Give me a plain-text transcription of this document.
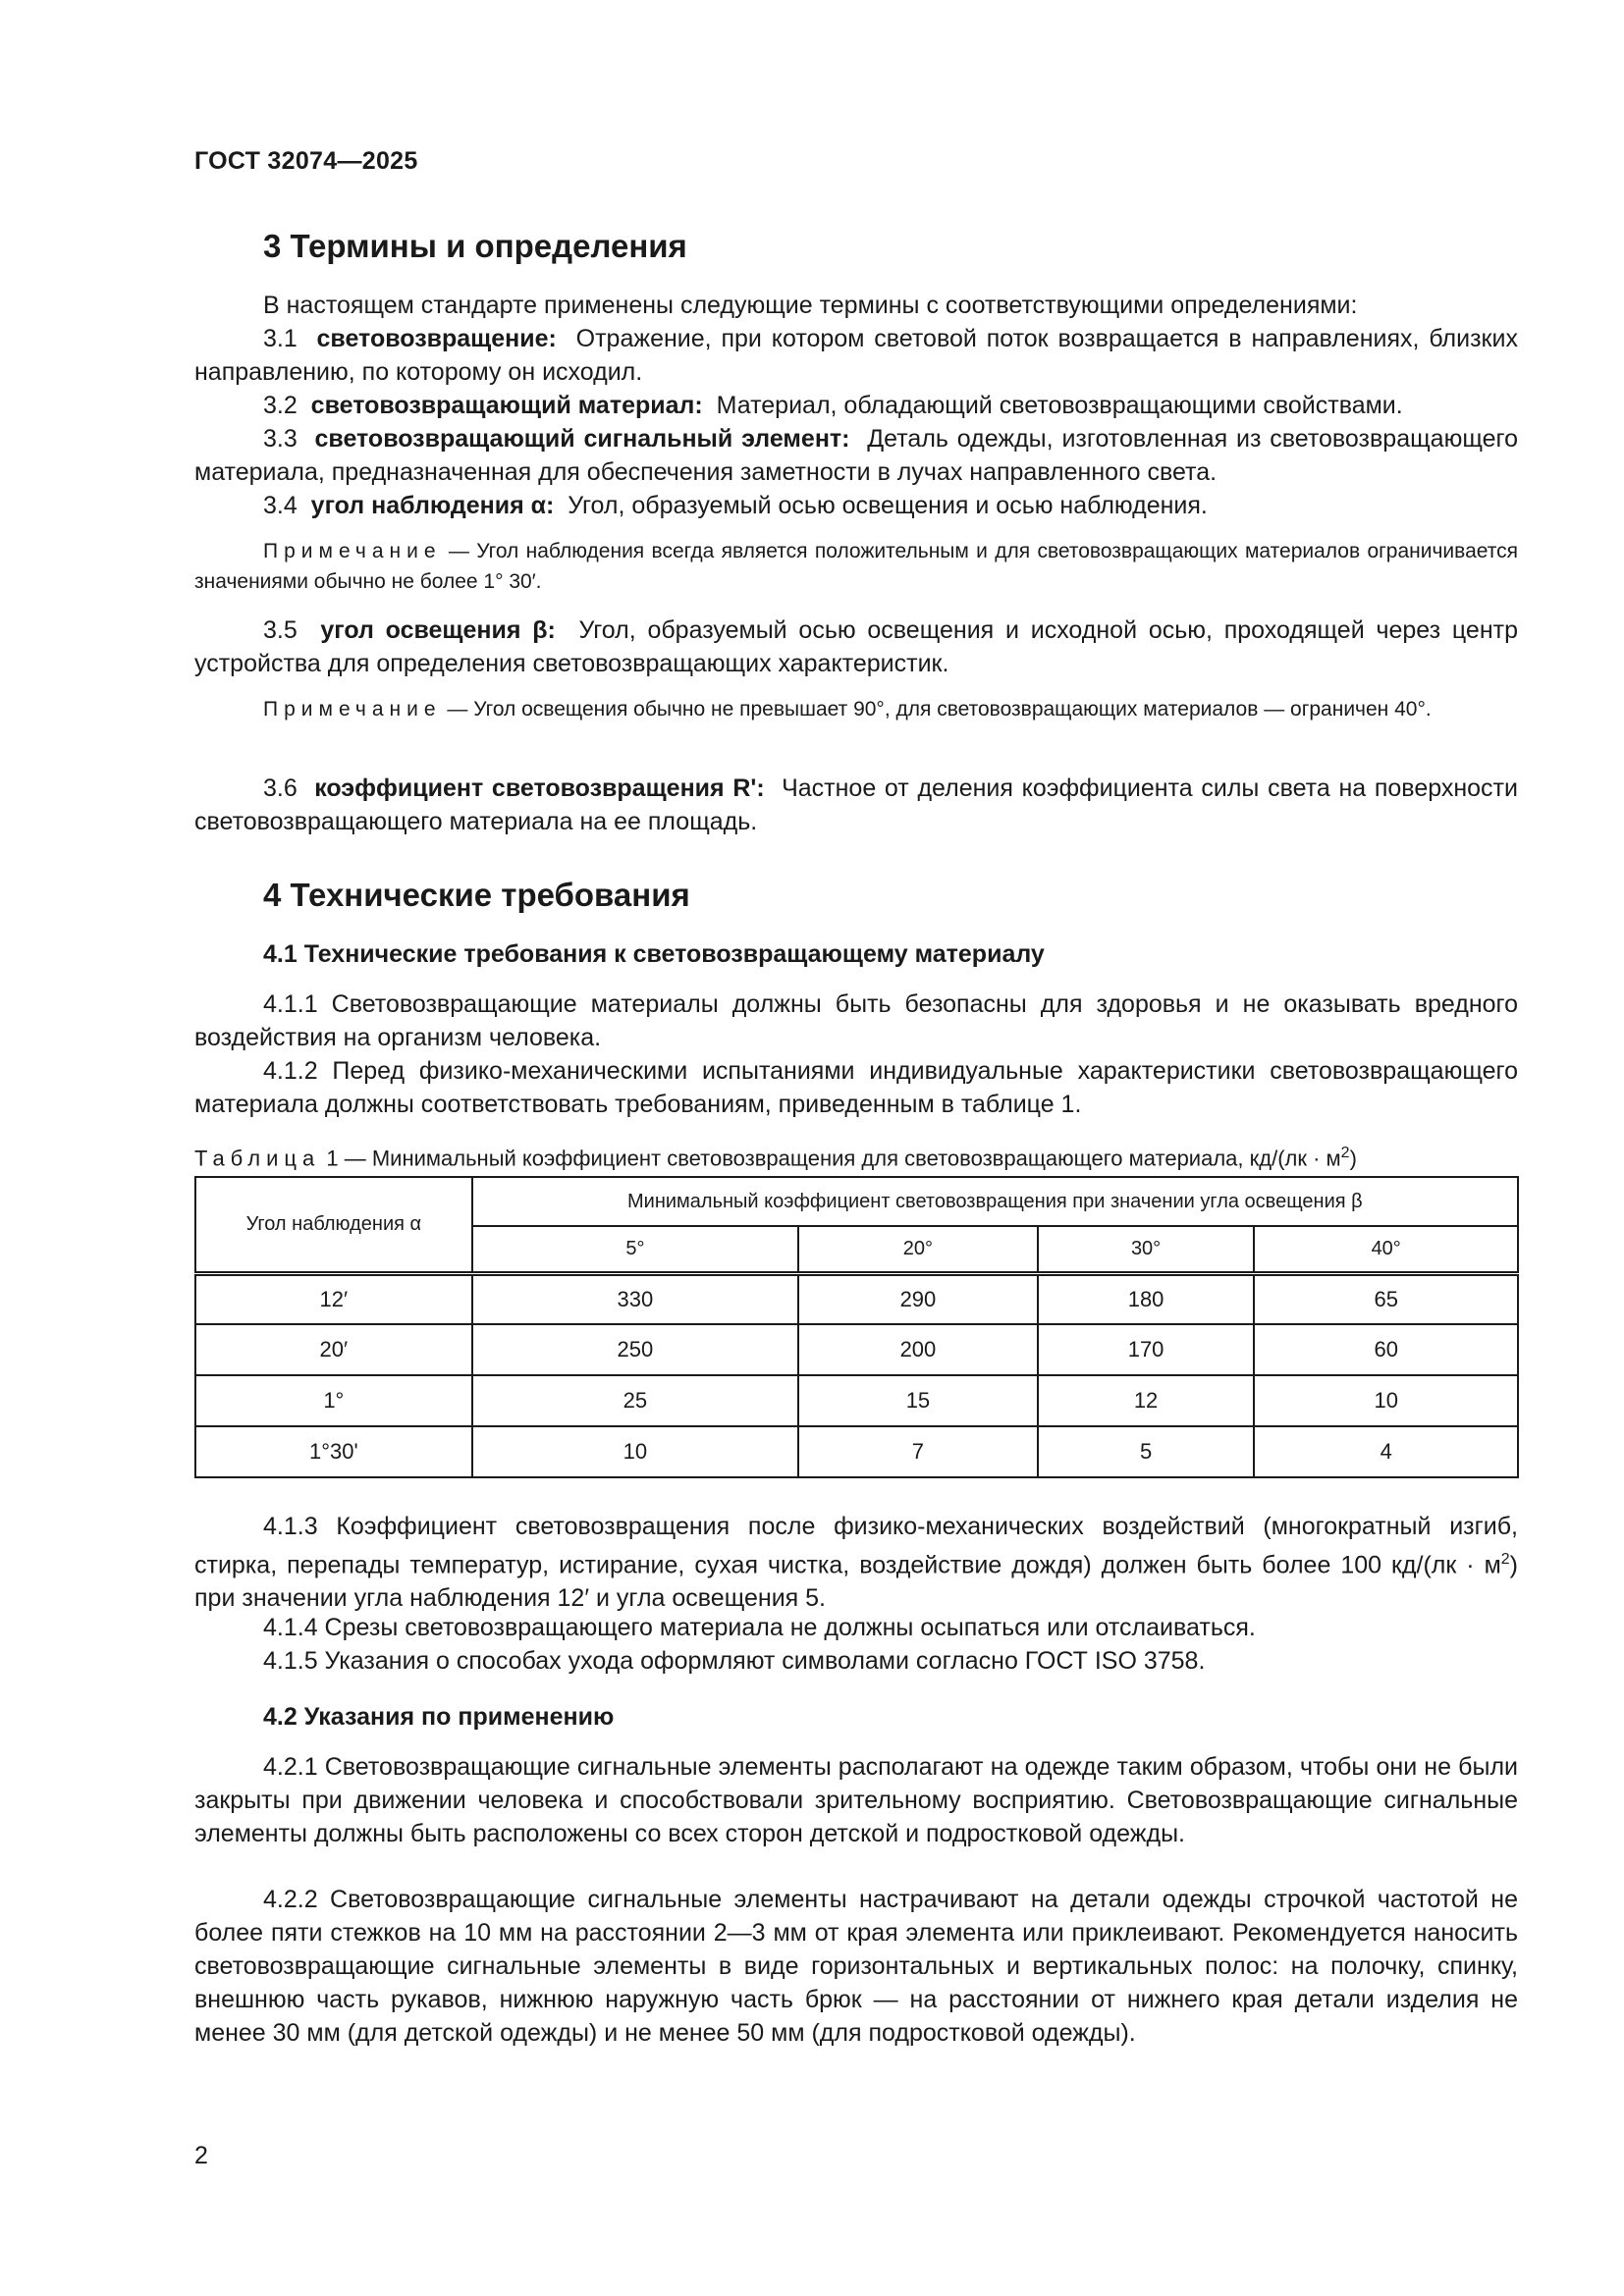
ГОСТ 32074—2025
3 Термины и определения
В настоящем стандарте применены следующие термины с соответствующими определениями:
3.1 световозвращение: Отражение, при котором световой поток возвращается в направлениях, близких направлению, по которому он исходил.
3.2 световозвращающий материал: Материал, обладающий световозвращающими свойствами.
3.3 световозвращающий сигнальный элемент: Деталь одежды, изготовленная из световозвращающего материала, предназначенная для обеспечения заметности в лучах направленного света.
3.4 угол наблюдения α: Угол, образуемый осью освещения и осью наблюдения.
Примечание — Угол наблюдения всегда является положительным и для световозвращающих материалов ограничивается значениями обычно не более 1° 30′.
3.5 угол освещения β: Угол, образуемый осью освещения и исходной осью, проходящей через центр устройства для определения световозвращающих характеристик.
Примечание — Угол освещения обычно не превышает 90°, для световозвращающих материалов — ограничен 40°.
3.6 коэффициент световозвращения R': Частное от деления коэффициента силы света на поверхности световозвращающего материала на ее площадь.
4 Технические требования
4.1 Технические требования к световозвращающему материалу
4.1.1 Световозвращающие материалы должны быть безопасны для здоровья и не оказывать вредного воздействия на организм человека.
4.1.2 Перед физико-механическими испытаниями индивидуальные характеристики световозвращающего материала должны соответствовать требованиям, приведенным в таблице 1.
Таблица 1 — Минимальный коэффициент световозвращения для световозвращающего материала, $кд/(лк \cdot м^2)$
Угол наблюдения α	Минимальный коэффициент световозвращения при значении угла освещения β			
	5°	20°	30°	40°
12′	330	290	180	65
20′	250	200	170	60
1°	25	15	12	10
1°30'	10	7	5	4
4.1.3 Коэффициент световозвращения после физико-механических воздействий (многократный изгиб, стирка, перепады температур, истирание, сухая чистка, воздействие дождя) должен быть более 100 $кд/(лк \cdot м^2)$ при значении угла наблюдения 12′ и угла освещения 5.
4.1.4 Срезы световозвращающего материала не должны осыпаться или отслаиваться.
4.1.5 Указания о способах ухода оформляют символами согласно ГОСТ ISO 3758.
4.2 Указания по применению
4.2.1 Световозвращающие сигнальные элементы располагают на одежде таким образом, чтобы они не были закрыты при движении человека и способствовали зрительному восприятию. Световозвращающие сигнальные элементы должны быть расположены со всех сторон детской и подростковой одежды.
4.2.2 Световозвращающие сигнальные элементы настрачивают на детали одежды строчкой частотой не более пяти стежков на 10 мм на расстоянии 2—3 мм от края элемента или приклеивают. Рекомендуется наносить световозвращающие сигнальные элементы в виде горизонтальных и вертикальных полос: на полочку, спинку, внешнюю часть рукавов, нижнюю наружную часть брюк — на расстоянии от нижнего края детали изделия не менее 30 мм (для детской одежды) и не менее 50 мм (для подростковой одежды).
2
